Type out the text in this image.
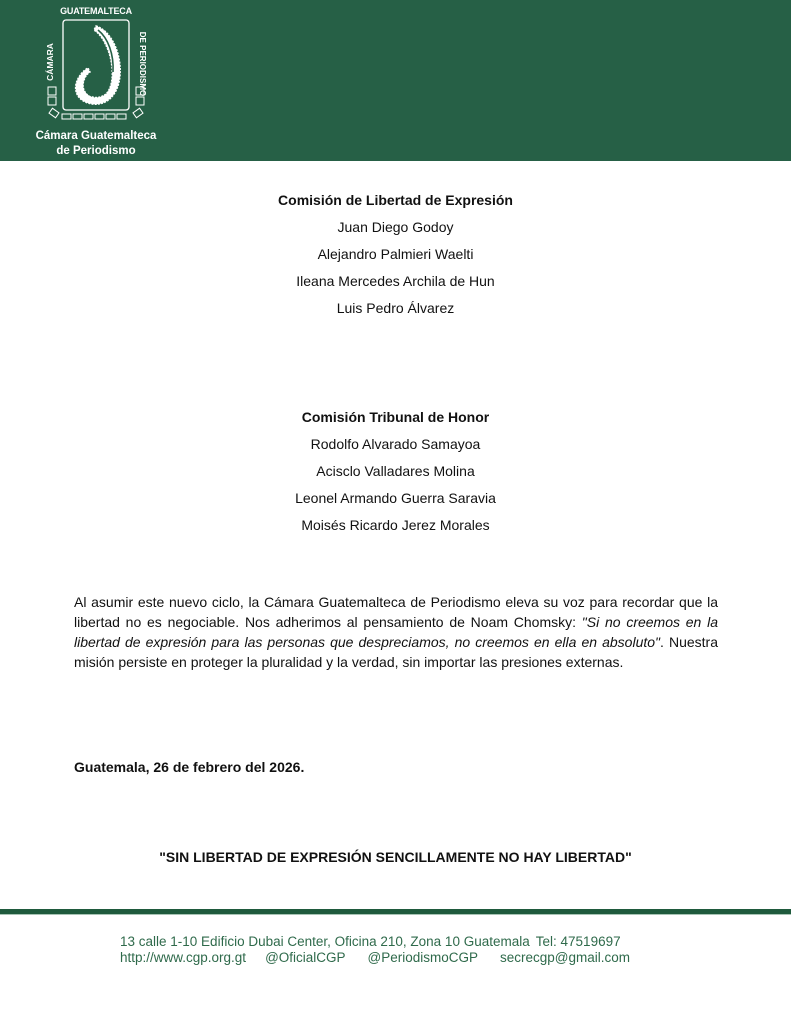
GUATEMALTECA
CÁMARA	DE PERIODISMO
Cámara Guatemalteca
de Periodismo
Comisión de Libertad de Expresión
Juan Diego Godoy
Alejandro Palmieri Waelti
Ileana Mercedes Archila de Hun
Luis Pedro Álvarez
Comisión Tribunal de Honor
Rodolfo Alvarado Samayoa
Acisclo Valladares Molina
Leonel Armando Guerra Saravia
Moisés Ricardo Jerez Morales

Al asumir este nuevo ciclo, la Cámara Guatemalteca de Periodismo eleva su voz para recordar que la libertad no es negociable. Nos adherimos al pensamiento de Noam Chomsky: "Si no creemos en la libertad de expresión para las personas que despreciamos, no creemos en ella en absoluto". Nuestra misión persiste en proteger la pluralidad y la verdad, sin importar las presiones externas.

Guatemala, 26 de febrero del 2026.
"SIN LIBERTAD DE EXPRESIÓN SENCILLAMENTE NO HAY LIBERTAD"
13 calle 1-10 Edificio Dubai Center, Oficina 210, Zona 10 Guatemala Tel: 47519697
http://www.cgp.org.gt @OficialCGP @PeriodismoCGP secrecgp@gmail.com
